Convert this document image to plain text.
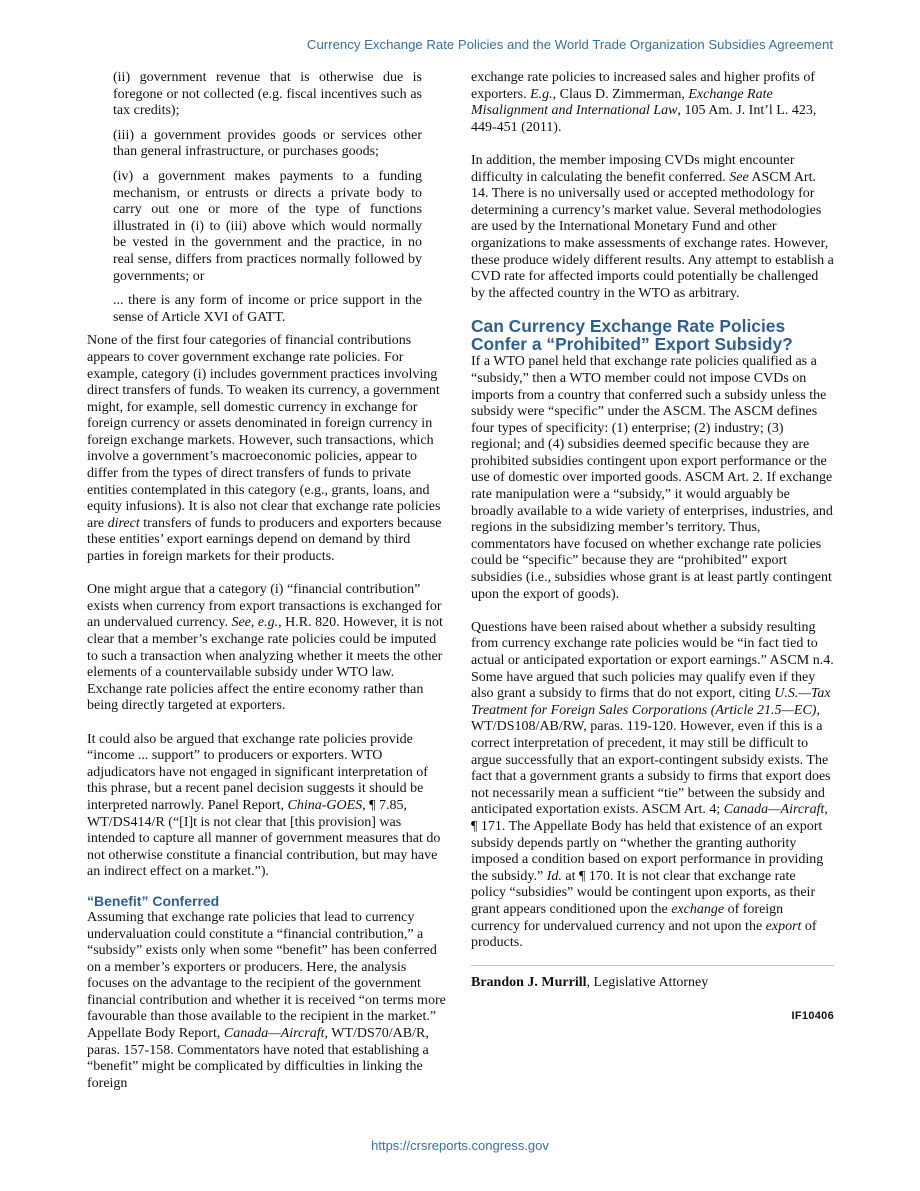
Currency Exchange Rate Policies and the World Trade Organization Subsidies Agreement

(ii) government revenue that is otherwise due is foregone or not collected (e.g. fiscal incentives such as tax credits);

(iii) a government provides goods or services other than general infrastructure, or purchases goods;

(iv) a government makes payments to a funding mechanism, or entrusts or directs a private body to carry out one or more of the type of functions illustrated in (i) to (iii) above which would normally be vested in the government and the practice, in no real sense, differs from practices normally followed by governments; or

... there is any form of income or price support in the sense of Article XVI of GATT.

None of the first four categories of financial contributions appears to cover government exchange rate policies. For example, category (i) includes government practices involving direct transfers of funds. To weaken its currency, a government might, for example, sell domestic currency in exchange for foreign currency or assets denominated in foreign currency in foreign exchange markets. However, such transactions, which involve a government’s macroeconomic policies, appear to differ from the types of direct transfers of funds to private entities contemplated in this category (e.g., grants, loans, and equity infusions). It is also not clear that exchange rate policies are direct transfers of funds to producers and exporters because these entities’ export earnings depend on demand by third parties in foreign markets for their products.

One might argue that a category (i) “financial contribution” exists when currency from export transactions is exchanged for an undervalued currency. See, e.g., H.R. 820. However, it is not clear that a member’s exchange rate policies could be imputed to such a transaction when analyzing whether it meets the other elements of a countervailable subsidy under WTO law. Exchange rate policies affect the entire economy rather than being directly targeted at exporters.

It could also be argued that exchange rate policies provide “income ... support” to producers or exporters. WTO adjudicators have not engaged in significant interpretation of this phrase, but a recent panel decision suggests it should be interpreted narrowly. Panel Report, China-GOES, ¶ 7.85, WT/DS414/R (“[I]t is not clear that [this provision] was intended to capture all manner of government measures that do not otherwise constitute a financial contribution, but may have an indirect effect on a market.”).

“Benefit” Conferred

Assuming that exchange rate policies that lead to currency undervaluation could constitute a “financial contribution,” a “subsidy” exists only when some “benefit” has been conferred on a member’s exporters or producers. Here, the analysis focuses on the advantage to the recipient of the government financial contribution and whether it is received “on terms more favourable than those available to the recipient in the market.” Appellate Body Report, Canada—Aircraft, WT/DS70/AB/R, paras. 157-158. Commentators have noted that establishing a “benefit” might be complicated by difficulties in linking the foreign

exchange rate policies to increased sales and higher profits of exporters. E.g., Claus D. Zimmerman, Exchange Rate Misalignment and International Law, 105 Am. J. Int’l L. 423, 449-451 (2011).

In addition, the member imposing CVDs might encounter difficulty in calculating the benefit conferred. See ASCM Art. 14. There is no universally used or accepted methodology for determining a currency’s market value. Several methodologies are used by the International Monetary Fund and other organizations to make assessments of exchange rates. However, these produce widely different results. Any attempt to establish a CVD rate for affected imports could potentially be challenged by the affected country in the WTO as arbitrary.

Can Currency Exchange Rate Policies Confer a “Prohibited” Export Subsidy?

If a WTO panel held that exchange rate policies qualified as a “subsidy,” then a WTO member could not impose CVDs on imports from a country that conferred such a subsidy unless the subsidy were “specific” under the ASCM. The ASCM defines four types of specificity: (1) enterprise; (2) industry; (3) regional; and (4) subsidies deemed specific because they are prohibited subsidies contingent upon export performance or the use of domestic over imported goods. ASCM Art. 2. If exchange rate manipulation were a “subsidy,” it would arguably be broadly available to a wide variety of enterprises, industries, and regions in the subsidizing member’s territory. Thus, commentators have focused on whether exchange rate policies could be “specific” because they are “prohibited” export subsidies (i.e., subsidies whose grant is at least partly contingent upon the export of goods).

Questions have been raised about whether a subsidy resulting from currency exchange rate policies would be “in fact tied to actual or anticipated exportation or export earnings.” ASCM n.4. Some have argued that such policies may qualify even if they also grant a subsidy to firms that do not export, citing U.S.—Tax Treatment for Foreign Sales Corporations (Article 21.5—EC), WT/DS108/AB/RW, paras. 119-120. However, even if this is a correct interpretation of precedent, it may still be difficult to argue successfully that an export-contingent subsidy exists. The fact that a government grants a subsidy to firms that export does not necessarily mean a sufficient “tie” between the subsidy and anticipated exportation exists. ASCM Art. 4; Canada—Aircraft, ¶ 171. The Appellate Body has held that existence of an export subsidy depends partly on “whether the granting authority imposed a condition based on export performance in providing the subsidy.” Id. at ¶ 170. It is not clear that exchange rate policy “subsidies” would be contingent upon exports, as their grant appears conditioned upon the exchange of foreign currency for undervalued currency and not upon the export of products.

Brandon J. Murrill, Legislative Attorney

IF10406
https://crsreports.congress.gov
